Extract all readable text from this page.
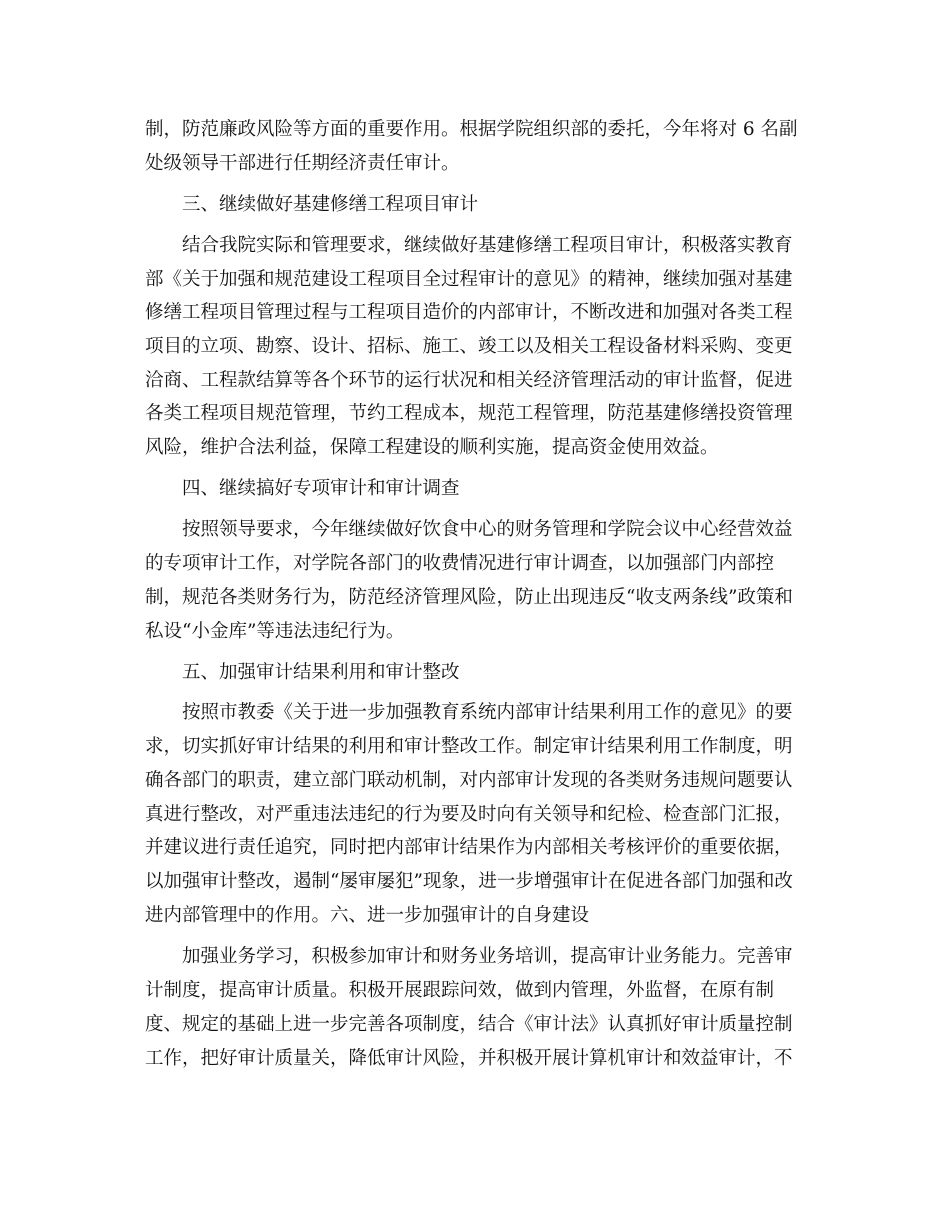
制，防范廉政风险等方面的重要作用。根据学院组织部的委托，今年将对 6 名副
处级领导干部进行任期经济责任审计。
三、继续做好基建修缮工程项目审计
结合我院实际和管理要求，继续做好基建修缮工程项目审计，积极落实教育
部《关于加强和规范建设工程项目全过程审计的意见》的精神，继续加强对基建
修缮工程项目管理过程与工程项目造价的内部审计，不断改进和加强对各类工程
项目的立项、勘察、设计、招标、施工、竣工以及相关工程设备材料采购、变更
洽商、工程款结算等各个环节的运行状况和相关经济管理活动的审计监督，促进
各类工程项目规范管理，节约工程成本，规范工程管理，防范基建修缮投资管理
风险，维护合法利益，保障工程建设的顺利实施，提高资金使用效益。
四、继续搞好专项审计和审计调查
按照领导要求，今年继续做好饮食中心的财务管理和学院会议中心经营效益
的专项审计工作，对学院各部门的收费情况进行审计调查，以加强部门内部控
制，规范各类财务行为，防范经济管理风险，防止出现违反“收支两条线”政策和
私设“小金库”等违法违纪行为。
五、加强审计结果利用和审计整改
按照市教委《关于进一步加强教育系统内部审计结果利用工作的意见》的要
求，切实抓好审计结果的利用和审计整改工作。制定审计结果利用工作制度，明
确各部门的职责，建立部门联动机制，对内部审计发现的各类财务违规问题要认
真进行整改，对严重违法违纪的行为要及时向有关领导和纪检、检查部门汇报，
并建议进行责任追究，同时把内部审计结果作为内部相关考核评价的重要依据，
以加强审计整改，遏制“屡审屡犯”现象，进一步增强审计在促进各部门加强和改
进内部管理中的作用。六、进一步加强审计的自身建设
加强业务学习，积极参加审计和财务业务培训，提高审计业务能力。完善审
计制度，提高审计质量。积极开展跟踪问效，做到内管理，外监督，在原有制
度、规定的基础上进一步完善各项制度，结合《审计法》认真抓好审计质量控制
工作，把好审计质量关，降低审计风险，并积极开展计算机审计和效益审计，不
